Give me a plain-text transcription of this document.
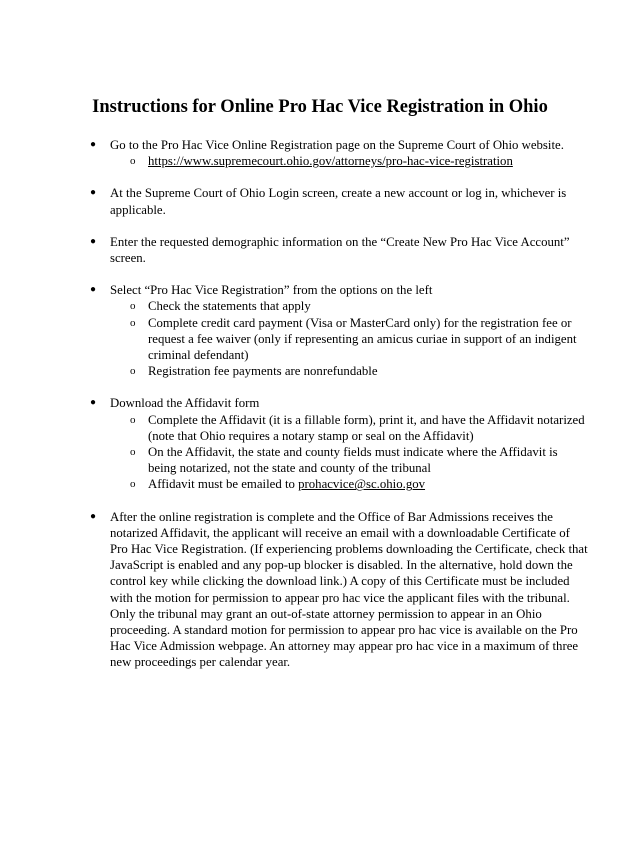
Instructions for Online Pro Hac Vice Registration in Ohio
● Go to the Pro Hac Vice Online Registration page on the Supreme Court of Ohio website.
o https://www.supremecourt.ohio.gov/attorneys/pro-hac-vice-registration
● At the Supreme Court of Ohio Login screen, create a new account or log in, whichever is applicable.
● Enter the requested demographic information on the “Create New Pro Hac Vice Account” screen.
● Select “Pro Hac Vice Registration” from the options on the left
o Check the statements that apply
o Complete credit card payment (Visa or MasterCard only) for the registration fee or request a fee waiver (only if representing an amicus curiae in support of an indigent criminal defendant)
o Registration fee payments are nonrefundable
● Download the Affidavit form
o Complete the Affidavit (it is a fillable form), print it, and have the Affidavit notarized (note that Ohio requires a notary stamp or seal on the Affidavit)
o On the Affidavit, the state and county fields must indicate where the Affidavit is being notarized, not the state and county of the tribunal
o Affidavit must be emailed to prohacvice@sc.ohio.gov
● After the online registration is complete and the Office of Bar Admissions receives the notarized Affidavit, the applicant will receive an email with a downloadable Certificate of Pro Hac Vice Registration. (If experiencing problems downloading the Certificate, check that JavaScript is enabled and any pop-up blocker is disabled. In the alternative, hold down the control key while clicking the download link.) A copy of this Certificate must be included with the motion for permission to appear pro hac vice the applicant files with the tribunal. Only the tribunal may grant an out-of-state attorney permission to appear in an Ohio proceeding. A standard motion for permission to appear pro hac vice is available on the Pro Hac Vice Admission webpage. An attorney may appear pro hac vice in a maximum of three new proceedings per calendar year.
